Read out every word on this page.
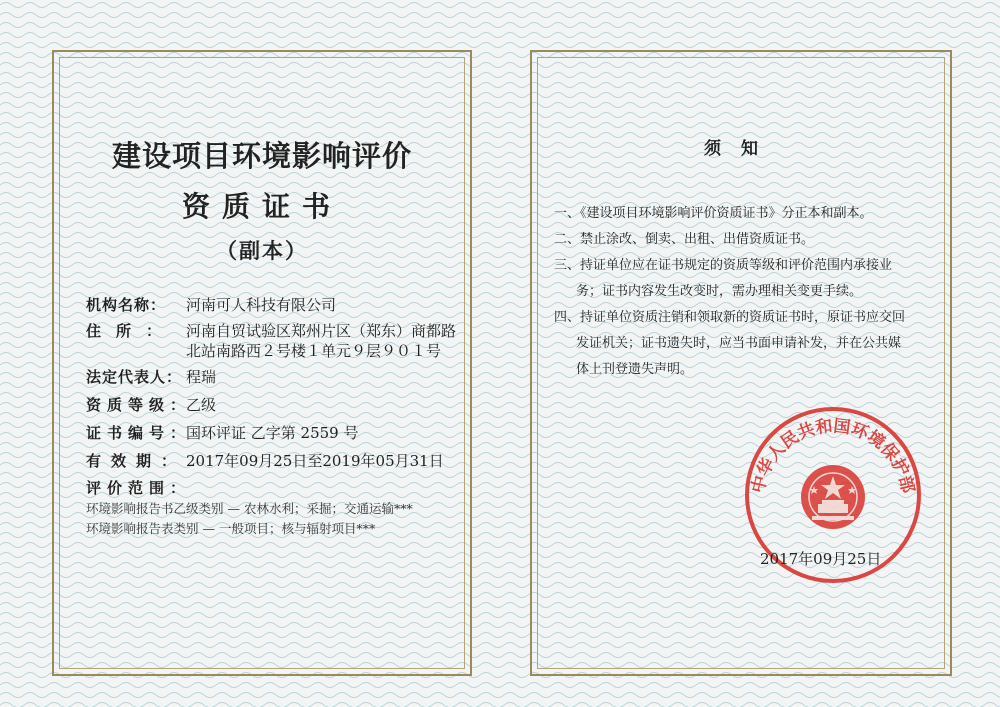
建设项目环境影响评价
资质证书
（副本）
机构名称： 河南可人科技有限公司
住所： 河南自贸试验区郑州片区（郑东）商都路
北站南路西２号楼１单元９层９０１号
法定代表人： 程瑞
资质等级：乙级
证书编号：国环评证 乙字第 2559 号
有效期：2017年09月25日至2019年05月31日
评价范围：
环境影响报告书乙级类别 — 农林水利；采掘；交通运输***
环境影响报告表类别 — 一般项目；核与辐射项目***
须知
一、《建设项目环境影响评价资质证书》分正本和副本。
二、禁止涂改、倒卖、出租、出借资质证书。
三、持证单位应在证书规定的资质等级和评价范围内承接业
务；证书内容发生改变时，需办理相关变更手续。
四、持证单位资质注销和领取新的资质证书时，原证书应交回
发证机关；证书遗失时，应当书面申请补发，并在公共媒
体上刊登遗失声明。
中华人民共和国环境保护部
2017年09月25日
